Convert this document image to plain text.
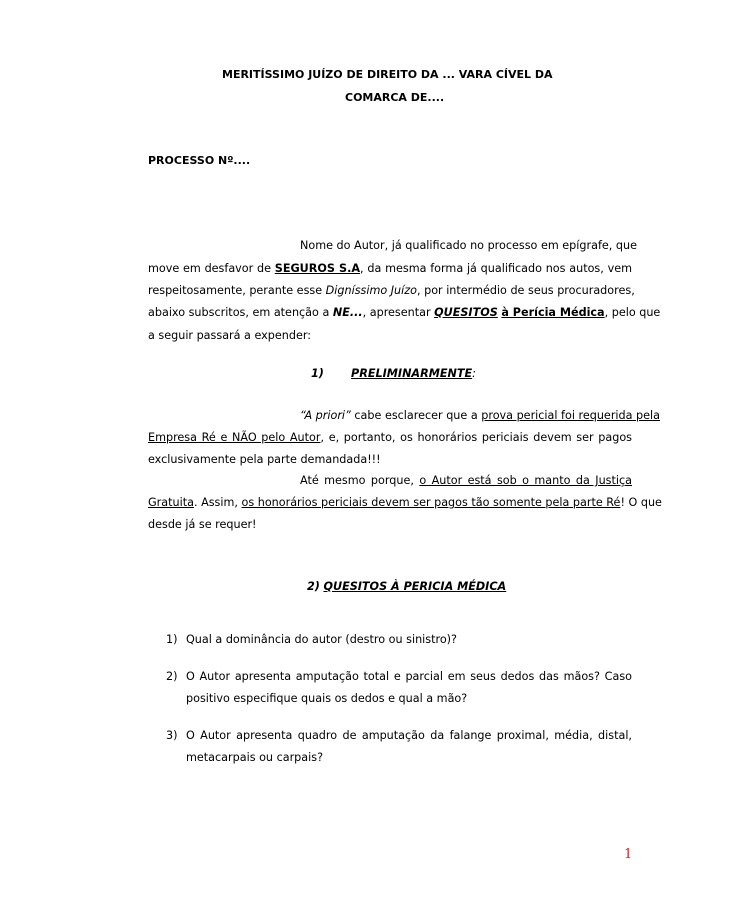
MERITÍSSIMO JUÍZO DE DIREITO DA ... VARA CÍVEL DA
COMARCA DE....
PROCESSO Nº....
Nome do Autor, já qualificado no processo em epígrafe, que
move em desfavor de SEGUROS S.A, da mesma forma já qualificado nos autos, vem
respeitosamente, perante esse Digníssimo Juízo, por intermédio de seus procuradores,
abaixo subscritos, em atenção a NE..., apresentar QUESITOS à Perícia Médica, pelo que
a seguir passará a expender:
1) PRELIMINARMENTE:
“A priori” cabe esclarecer que a prova pericial foi requerida pela
Empresa Ré e NÃO pelo Autor, e, portanto, os honorários periciais devem ser pagos
exclusivamente pela parte demandada!!!
Até mesmo porque, o Autor está sob o manto da Justiça
Gratuita. Assim, os honorários periciais devem ser pagos tão somente pela parte Ré! O que
desde já se requer!
2) QUESITOS À PERICIA MÉDICA
1) Qual a dominância do autor (destro ou sinistro)?
2) O Autor apresenta amputação total e parcial em seus dedos das mãos? Caso
positivo especifique quais os dedos e qual a mão?
3) O Autor apresenta quadro de amputação da falange proximal, média, distal,
metacarpais ou carpais?
1
